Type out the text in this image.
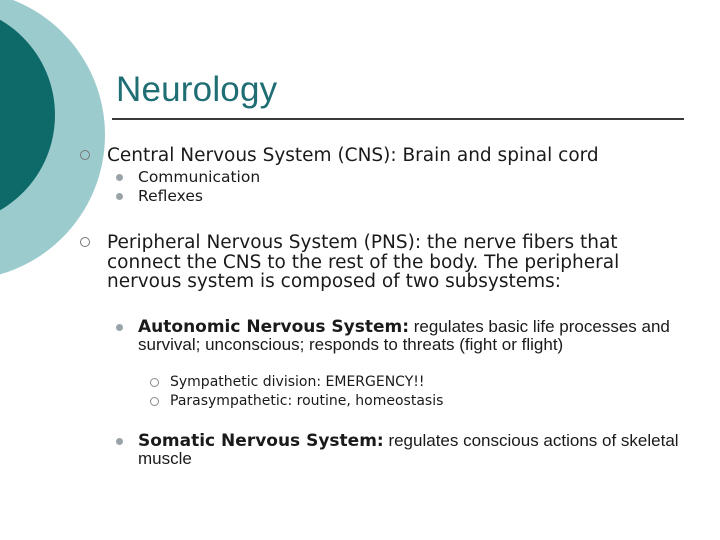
Neurology
Central Nervous System (CNS): Brain and spinal cord
Communication
Reflexes
Peripheral Nervous System (PNS): the nerve fibers that connect the CNS to the rest of the body. The peripheral nervous system is composed of two subsystems:
Autonomic Nervous System: regulates basic life processes and survival; unconscious; responds to threats (fight or flight)
Sympathetic division: EMERGENCY!!
Parasympathetic: routine, homeostasis
Somatic Nervous System: regulates conscious actions of skeletal muscle
